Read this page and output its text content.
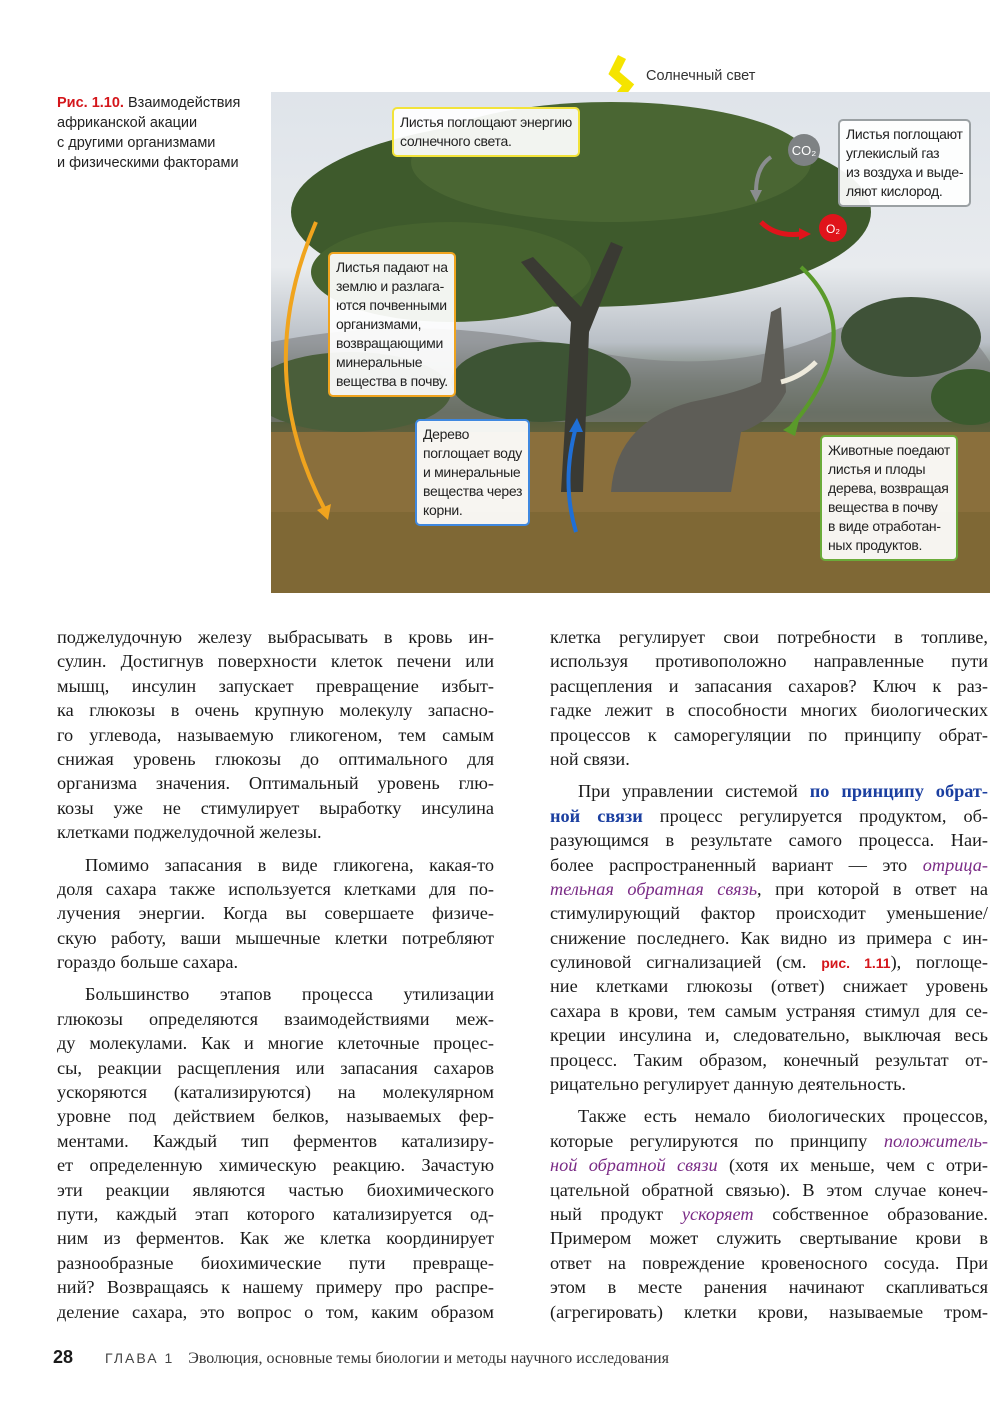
Рис. 1.10. Взаимодействия
африканской акации
с другими организмами
и физическими факторами
Солнечный свет
CO₂
O₂
Листья поглощают энергию
солнечного света.	Листья поглощают
углекислый газ
из воздуха и выде-
ляют кислород.
Листья падают на
землю и разлага-
ются почвенными
организмами,
возвращающими
минеральные
вещества в почву.
Дерево
поглощает воду
и минеральные
вещества через
корни.
Животные поедают
листья и плоды
дерева, возвращая
вещества в почву
в виде отработан-
ных продуктов.
поджелудочную железу выбрасывать в кровь ин-
сулин. Достигнув поверхности клеток печени или
мышц, инсулин запускает превращение избыт-
ка глюкозы в очень крупную молекулу запасно-
го углевода, называемую гликогеном, тем самым
снижая уровень глюкозы до оптимального для
организма значения. Оптимальный уровень глю-
козы уже не стимулирует выработку инсулина
клетками поджелудочной железы.
Помимо запасания в виде гликогена, какая-то
доля сахара также используется клетками для по-
лучения энергии. Когда вы совершаете физиче-
скую работу, ваши мышечные клетки потребляют
гораздо больше сахара.
Большинство этапов процесса утилизации
глюкозы определяются взаимодействиями меж-
ду молекулами. Как и многие клеточные процес-
сы, реакции расщепления или запасания сахаров
ускоряются (катализируются) на молекулярном
уровне под действием белков, называемых фер-
ментами. Каждый тип ферментов катализиру-
ет определенную химическую реакцию. Зачастую
эти реакции являются частью биохимического
пути, каждый этап которого катализируется од-
ним из ферментов. Как же клетка координирует
разнообразные биохимические пути превраще-
ний? Возвращаясь к нашему примеру про распре-
деление сахара, это вопрос о том, каким образом
клетка регулирует свои потребности в топливе,
используя противоположно направленные пути
расщепления и запасания сахаров? Ключ к раз-
гадке лежит в способности многих биологических
процессов к саморегуляции по принципу обрат-
ной связи.
При управлении системой по принципу обрат-
ной связи процесс регулируется продуктом, об-
разующимся в результате самого процесса. Наи-
более распространенный вариант — это отрица-
тельная обратная связь, при которой в ответ на
стимулирующий фактор происходит уменьшение/
снижение последнего. Как видно из примера с ин-
сулиновой сигнализацией (см. рис. 1.11), поглоще-
ние клетками глюкозы (ответ) снижает уровень
сахара в крови, тем самым устраняя стимул для се-
креции инсулина и, следовательно, выключая весь
процесс. Таким образом, конечный результат от-
рицательно регулирует данную деятельность.
Также есть немало биологических процессов,
которые регулируются по принципу положитель-
ной обратной связи (хотя их меньше, чем с отри-
цательной обратной связью). В этом случае конеч-
ный продукт ускоряет собственное образование.
Примером может служить свертывание крови в
ответ на повреждение кровеносного сосуда. При
этом в месте ранения начинают скапливаться
(агрегировать) клетки крови, называемые тром-
28 ГЛАВА 1 Эволюция, основные темы биологии и методы научного исследования
